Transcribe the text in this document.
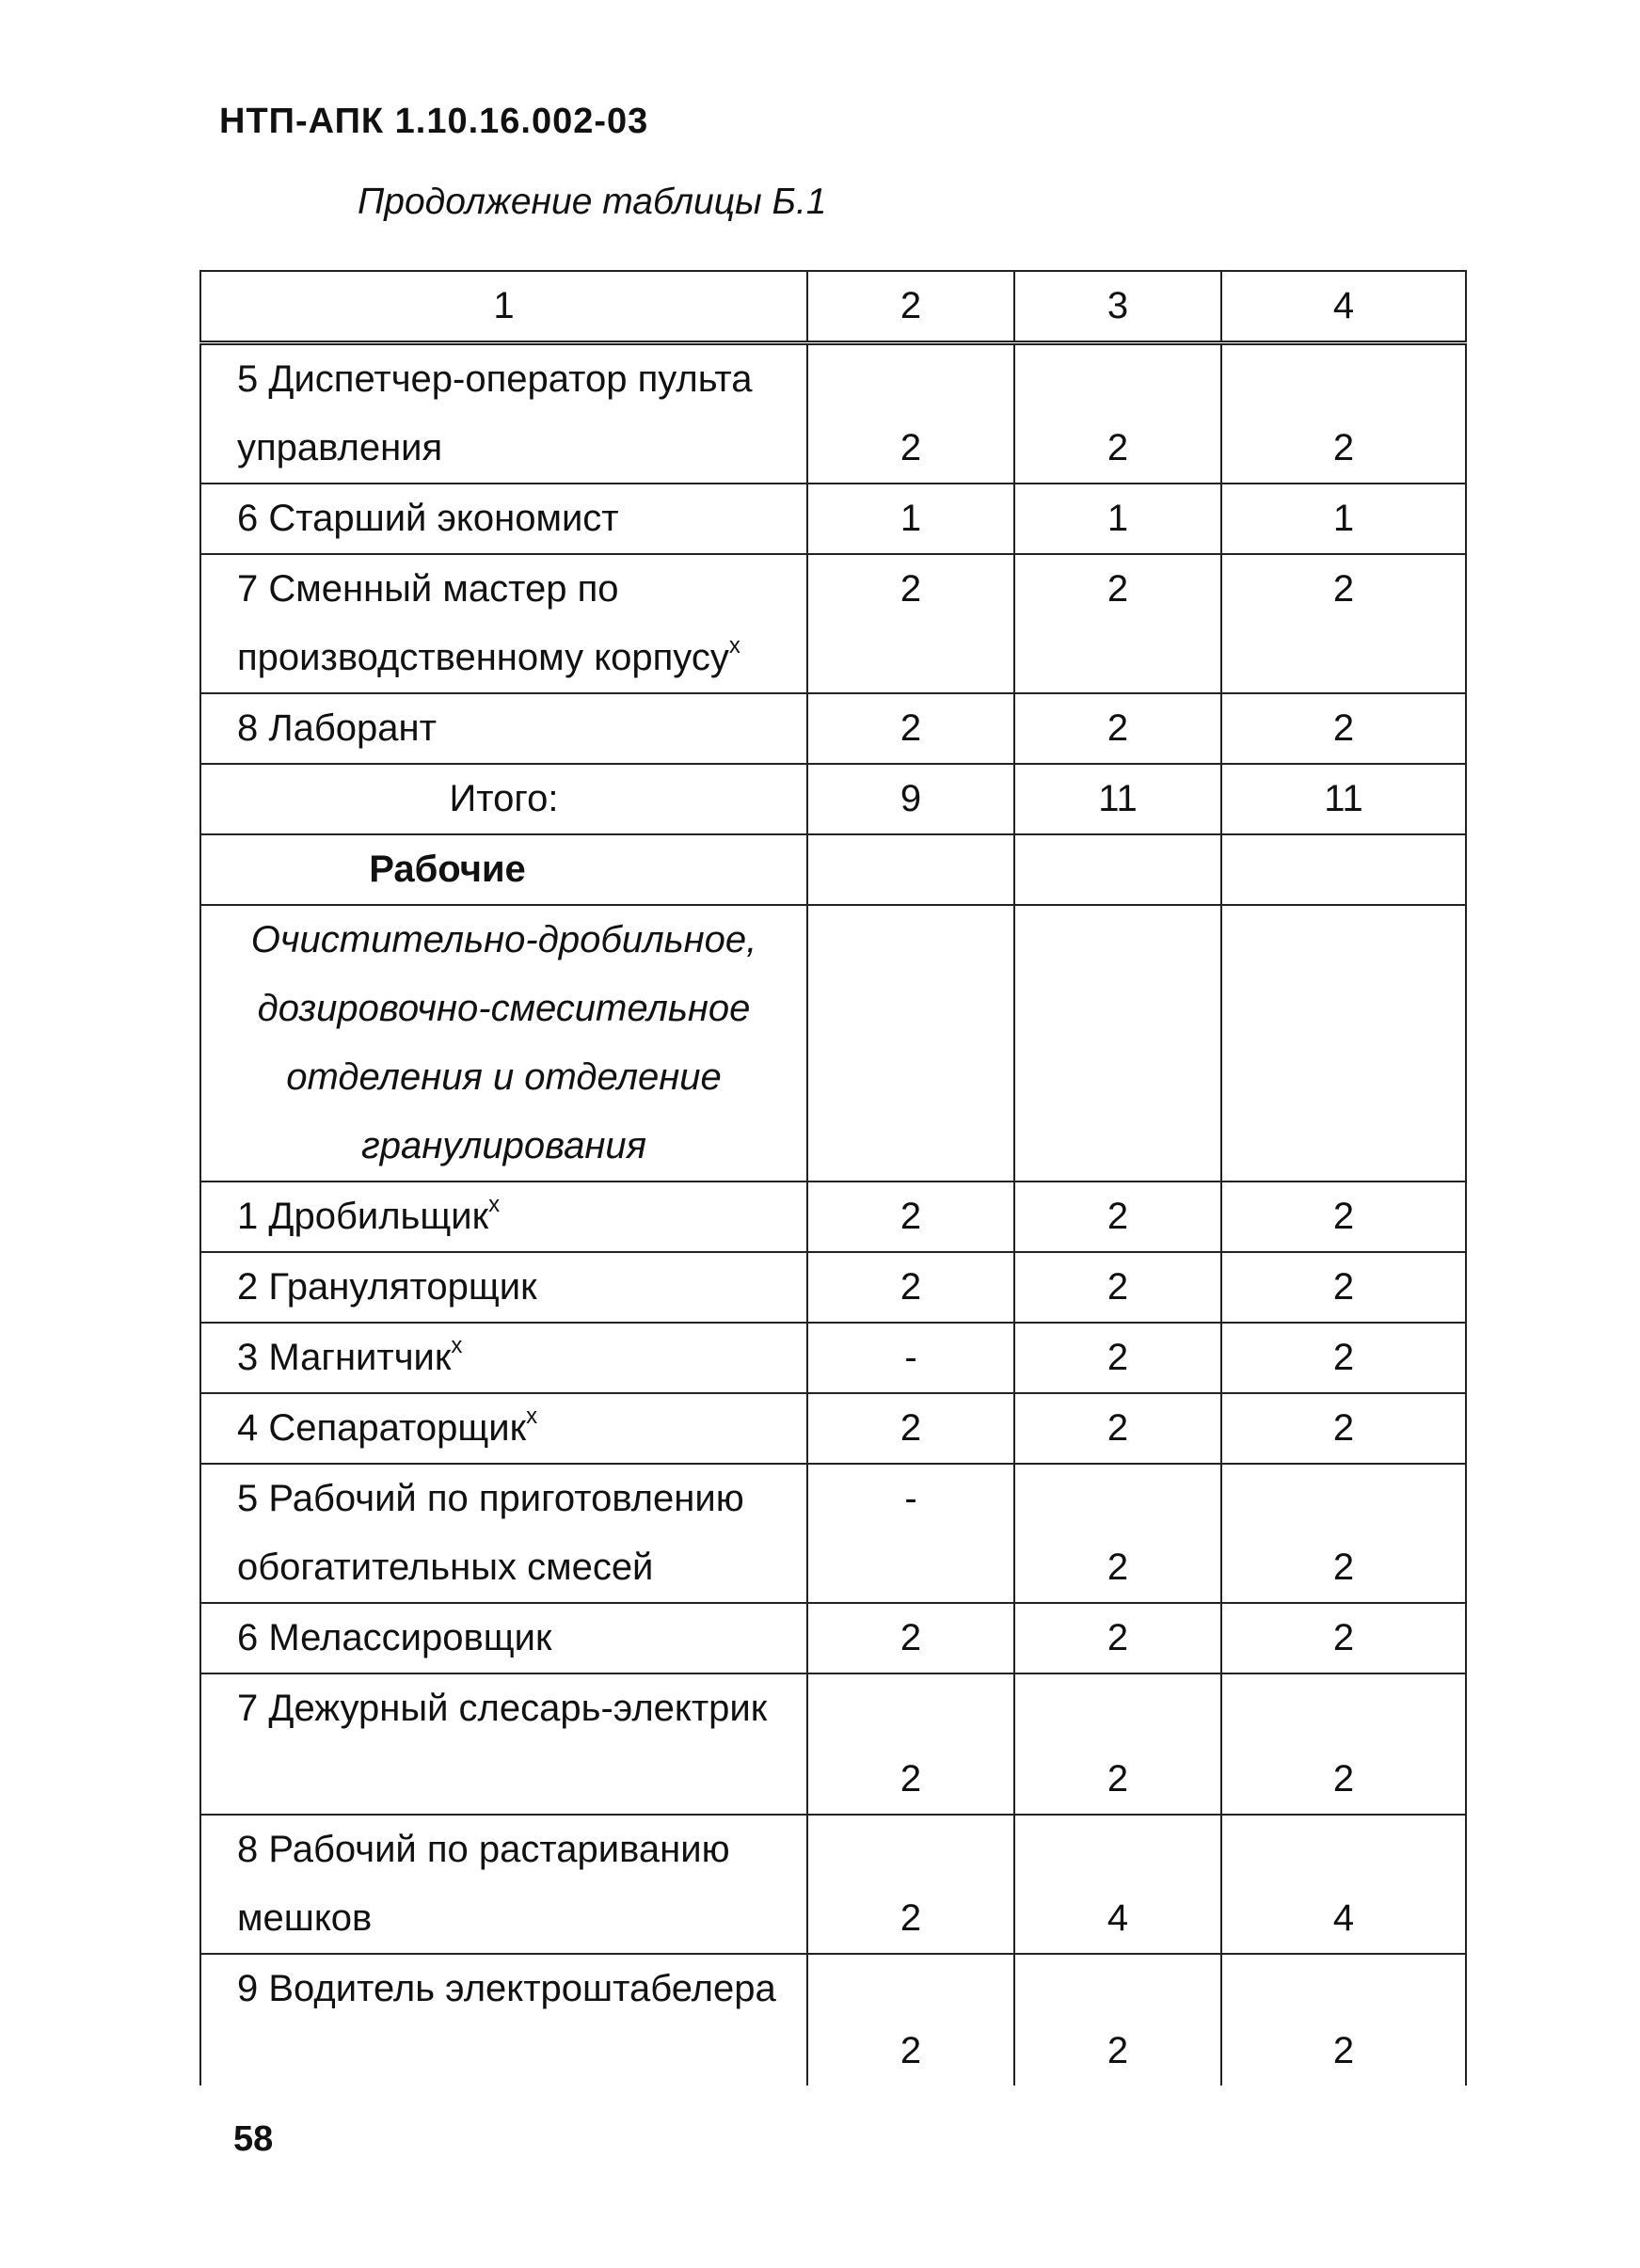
НТП-АПК 1.10.16.002-03
Продолжение таблицы Б.1
1	2	3	4
5 Диспетчер-оператор пульта управления	2	2	2
6 Старший экономист	1	1	1
7 Сменный мастер по производственному корпусу$^x$	2	2	2
8 Лаборант	2	2	2
Итого:	9	11	11
Рабочие			
Очистительно-дробильное, дозировочно-смесительное отделения и отделение гранулирования			
1 Дробильщик$^x$	2	2	2
2 Грануляторщик	2	2	2
3 Магнитчик$^x$	-	2	2
4 Сепараторщик$^x$	2	2	2
5 Рабочий по приготовлению обогатительных смесей	-	2	2
6 Мелассировщик	2	2	2
7 Дежурный слесарь-электрик	2	2	2
8 Рабочий по растариванию мешков	2	4	4
9 Водитель электроштабелера	2	2	2
58
